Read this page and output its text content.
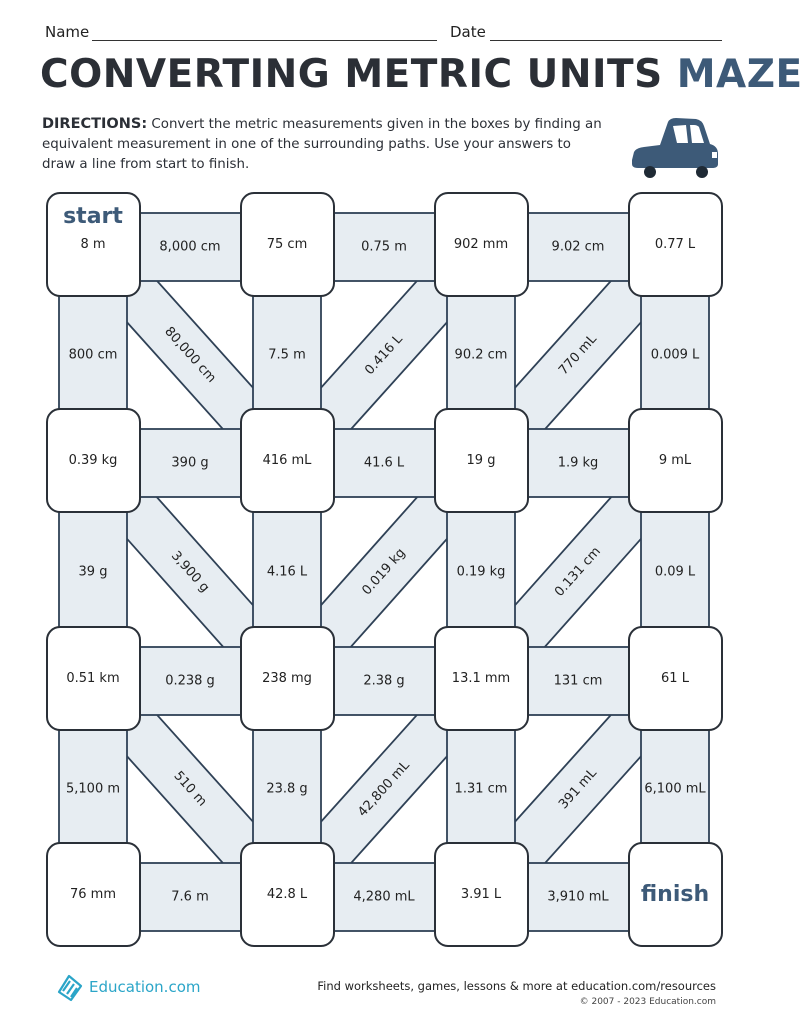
Name	Date
CONVERTING METRIC UNITS MAZE
DIRECTIONS: Convert the metric measurements given in the boxes by finding an equivalent measurement in one of the surrounding paths. Use your answers to draw a line from start to finish.
start
8 m	75 cm	902 mm	0.77 L
0.39 kg	416 mL	19 g	9 mL
0.51 km	238 mg	13.1 mm	61 L
76 mm	42.8 L	3.91 L	finish
8,000 cm	0.75 m	9.02 cm
390 g	41.6 L	1.9 kg
0.238 g	2.38 g	131 cm
7.6 m	4,280 mL	3,910 mL
800 cm	7.5 m	90.2 cm	0.009 L
39 g	4.16 L	0.19 kg	0.09 L
5,100 m	23.8 g	1.31 cm	6,100 mL
80,000 cm	0.416 L	770 mL
3,900 g	0.019 kg	0.131 cm
510 m	42,800 mL	391 mL
Education.com	Find worksheets, games, lessons & more at education.com/resources
© 2007 - 2023 Education.com
